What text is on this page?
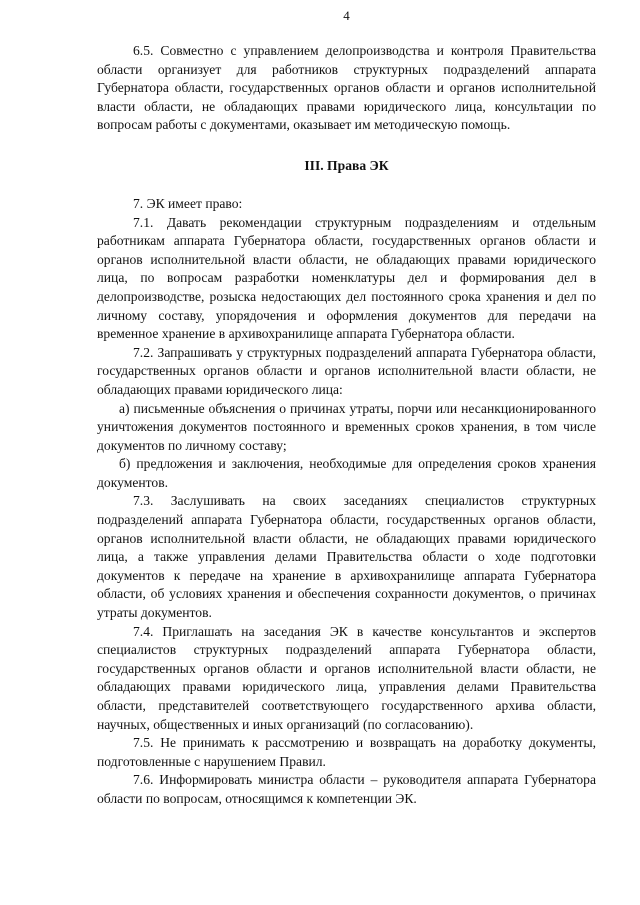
4

6.5. Совместно с управлением делопроизводства и контроля Правительства области организует для работников структурных подразделений аппарата Губернатора области, государственных органов области и органов исполнительной власти области, не обладающих правами юридического лица, консультации по вопросам работы с документами, оказывает им методическую помощь.

III. Права ЭК

7. ЭК имеет право:

7.1. Давать рекомендации структурным подразделениям и отдельным работникам аппарата Губернатора области, государственных органов области и органов исполнительной власти области, не обладающих правами юридического лица, по вопросам разработки номенклатуры дел и формирования дел в делопроизводстве, розыска недостающих дел постоянного срока хранения и дел по личному составу, упорядочения и оформления документов для передачи на временное хранение в архивохранилище аппарата Губернатора области.

7.2. Запрашивать у структурных подразделений аппарата Губернатора области, государственных органов области и органов исполнительной власти области, не обладающих правами юридического лица:

а) письменные объяснения о причинах утраты, порчи или несанкционированного уничтожения документов постоянного и временных сроков хранения, в том числе документов по личному составу;

б) предложения и заключения, необходимые для определения сроков хранения документов.

7.3. Заслушивать на своих заседаниях специалистов структурных подразделений аппарата Губернатора области, государственных органов области, органов исполнительной власти области, не обладающих правами юридического лица, а также управления делами Правительства области о ходе подготовки документов к передаче на хранение в архивохранилище аппарата Губернатора области, об условиях хранения и обеспечения сохранности документов, о причинах утраты документов.

7.4. Приглашать на заседания ЭК в качестве консультантов и экспертов специалистов структурных подразделений аппарата Губернатора области, государственных органов области и органов исполнительной власти области, не обладающих правами юридического лица, управления делами Правительства области, представителей соответствующего государственного архива области, научных, общественных и иных организаций (по согласованию).

7.5. Не принимать к рассмотрению и возвращать на доработку документы, подготовленные с нарушением Правил.

7.6. Информировать министра области – руководителя аппарата Губернатора области по вопросам, относящимся к компетенции ЭК.
